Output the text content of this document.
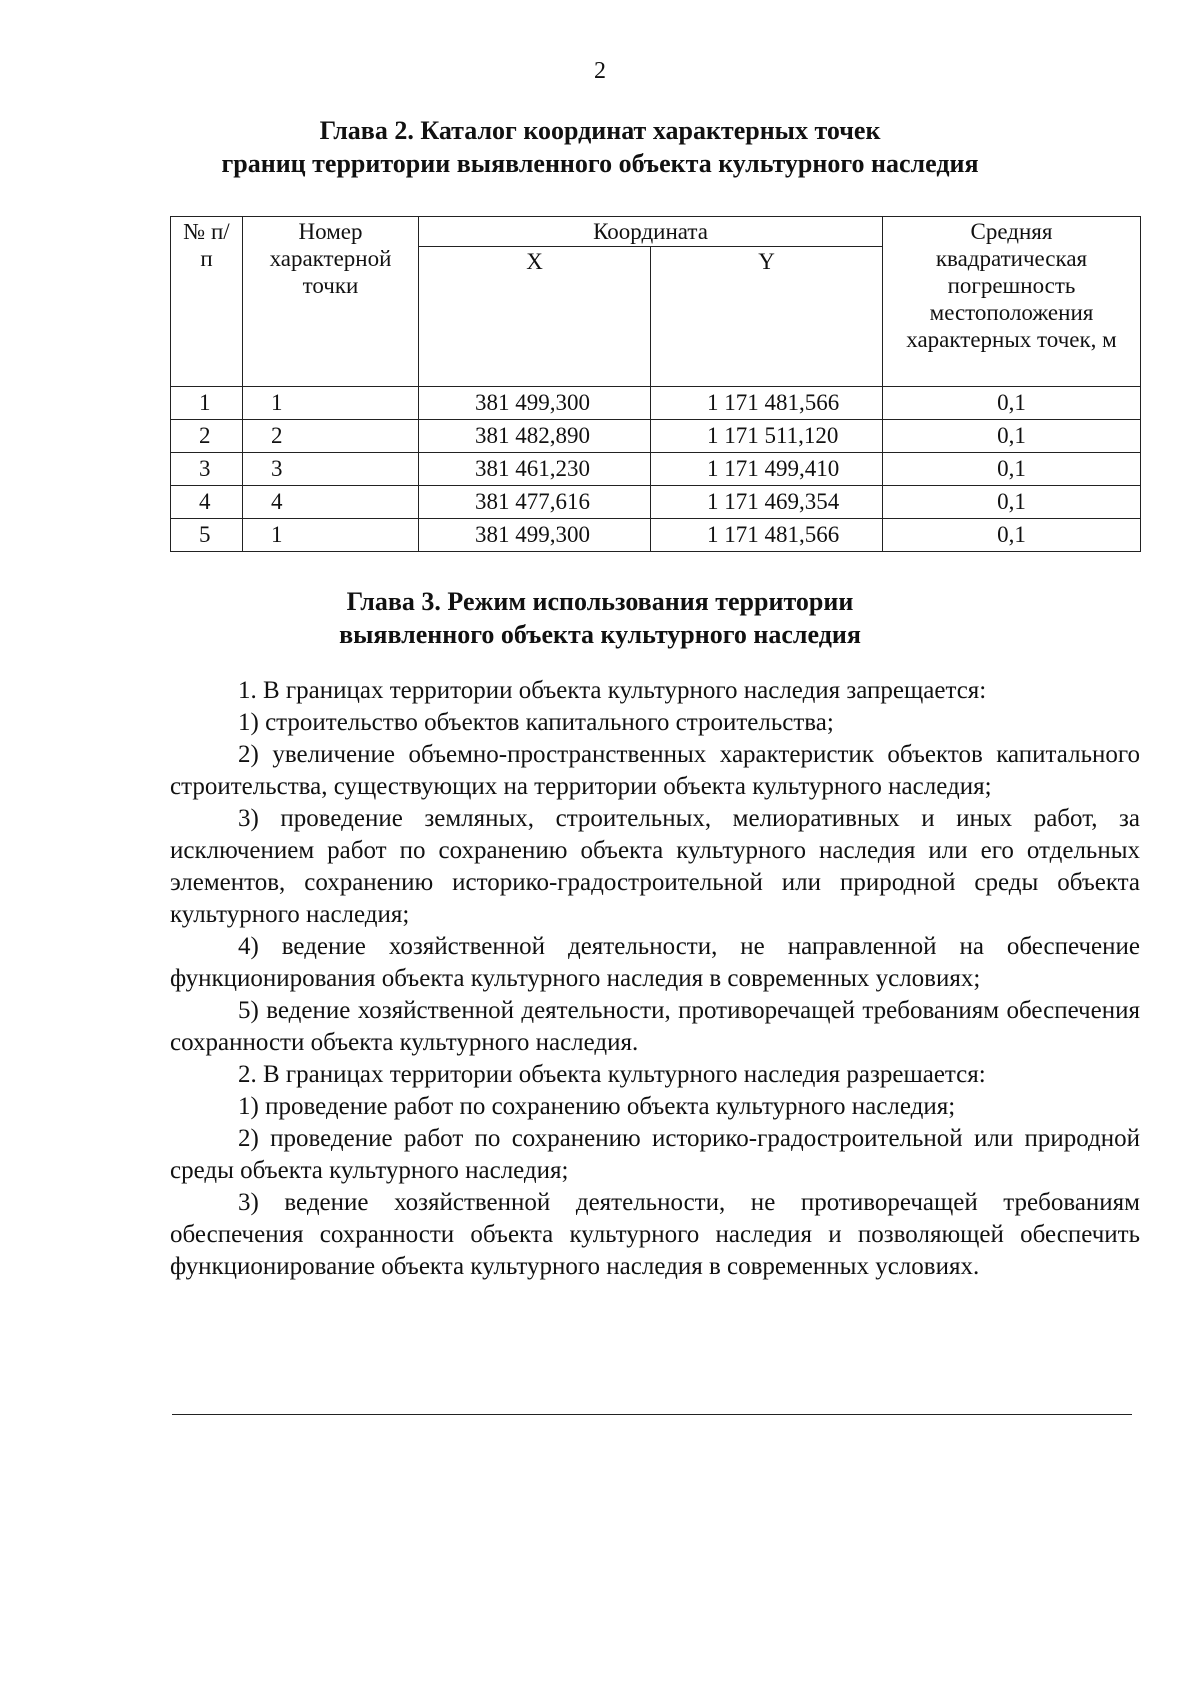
2
Глава 2. Каталог координат характерных точек
границ территории выявленного объекта культурного наследия
№ п/п	Номер характерной точки	Координата		Средняя квадратическая погрешность местоположения характерных точек, м
		X	Y	
1	1	381 499,300	1 171 481,566	0,1
2	2	381 482,890	1 171 511,120	0,1
3	3	381 461,230	1 171 499,410	0,1
4	4	381 477,616	1 171 469,354	0,1
5	1	381 499,300	1 171 481,566	0,1
Глава 3. Режим использования территории
выявленного объекта культурного наследия

1. В границах территории объекта культурного наследия запрещается:

1) строительство объектов капитального строительства;

2) увеличение объемно-пространственных характеристик объектов капитального строительства, существующих на территории объекта культурного наследия;

3) проведение земляных, строительных, мелиоративных и иных работ, за исключением работ по сохранению объекта культурного наследия или его отдельных элементов, сохранению историко-градостроительной или природной среды объекта культурного наследия;

4) ведение хозяйственной деятельности, не направленной на обеспечение функционирования объекта культурного наследия в современных условиях;

5) ведение хозяйственной деятельности, противоречащей требованиям обеспечения сохранности объекта культурного наследия.

2. В границах территории объекта культурного наследия разрешается:

1) проведение работ по сохранению объекта культурного наследия;

2) проведение работ по сохранению историко-градостроительной или природной среды объекта культурного наследия;

3) ведение хозяйственной деятельности, не противоречащей требованиям обеспечения сохранности объекта культурного наследия и позволяющей обеспечить функционирование объекта культурного наследия в современных условиях.
